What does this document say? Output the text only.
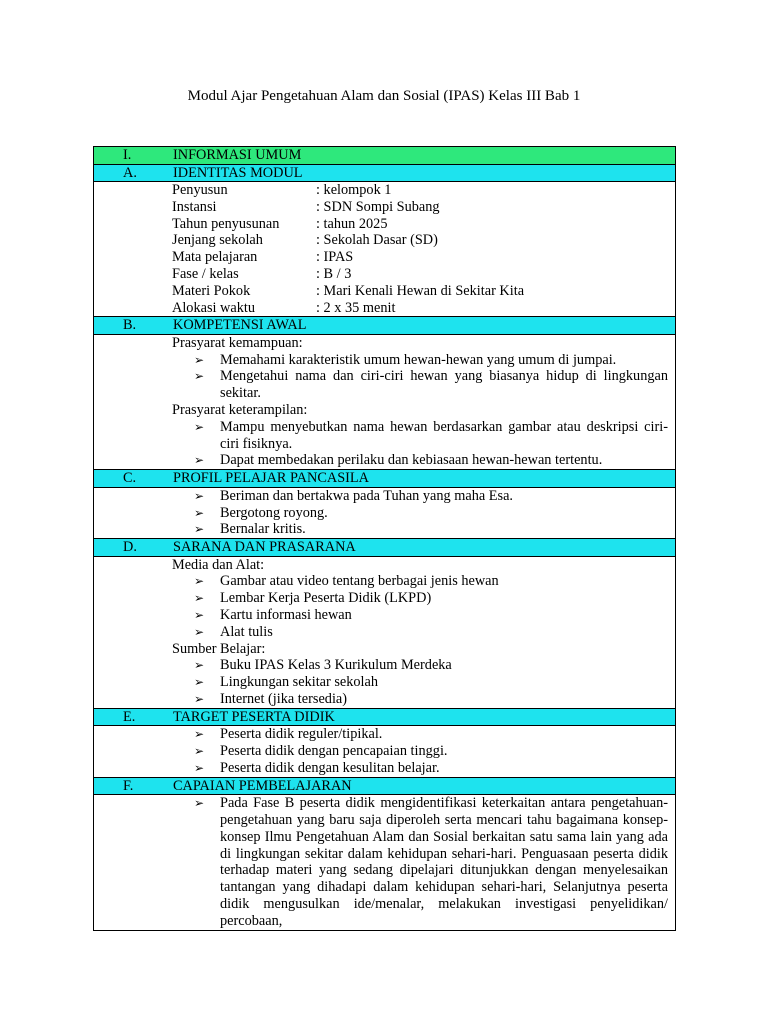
Modul Ajar Pengetahuan Alam dan Sosial (IPAS) Kelas III Bab 1
I.	INFORMASI UMUM
A.	IDENTITAS MODUL
Penyusun	: kelompok 1
Instansi	: SDN Sompi Subang
Tahun penyusunan	: tahun 2025
Jenjang sekolah	: Sekolah Dasar (SD)
Mata pelajaran	: IPAS
Fase / kelas	: B / 3
Materi Pokok	: Mari Kenali Hewan di Sekitar Kita
Alokasi waktu	: 2 x 35 menit
B.	KOMPETENSI AWAL
Prasyarat kemampuan:
➢	Memahami karakteristik umum hewan-hewan yang umum di jumpai.
➢	Mengetahui nama dan ciri-ciri hewan yang biasanya hidup di lingkungan sekitar.
Prasyarat keterampilan:
➢	Mampu menyebutkan nama hewan berdasarkan gambar atau deskripsi ciri-ciri fisiknya.
➢	Dapat membedakan perilaku dan kebiasaan hewan-hewan tertentu.
C.	PROFIL PELAJAR PANCASILA
➢	Beriman dan bertakwa pada Tuhan yang maha Esa.
➢	Bergotong royong.
➢	Bernalar kritis.
D.	SARANA DAN PRASARANA
Media dan Alat:
➢	Gambar atau video tentang berbagai jenis hewan
➢	Lembar Kerja Peserta Didik (LKPD)
➢	Kartu informasi hewan
➢	Alat tulis
Sumber Belajar:
➢	Buku IPAS Kelas 3 Kurikulum Merdeka
➢	Lingkungan sekitar sekolah
➢	Internet (jika tersedia)
E.	TARGET PESERTA DIDIK
➢	Peserta didik reguler/tipikal.
➢	Peserta didik dengan pencapaian tinggi.
➢	Peserta didik dengan kesulitan belajar.
F.	CAPAIAN PEMBELAJARAN
➢	Pada Fase B peserta didik mengidentifikasi keterkaitan antara pengetahuan-pengetahuan yang baru saja diperoleh serta mencari tahu bagaimana konsep-konsep Ilmu Pengetahuan Alam dan Sosial berkaitan satu sama lain yang ada di lingkungan sekitar dalam kehidupan sehari-hari. Penguasaan peserta didik terhadap materi yang sedang dipelajari ditunjukkan dengan menyelesaikan tantangan yang dihadapi dalam kehidupan sehari-hari, Selanjutnya peserta didik mengusulkan ide/menalar, melakukan investigasi penyelidikan/ percobaan,
